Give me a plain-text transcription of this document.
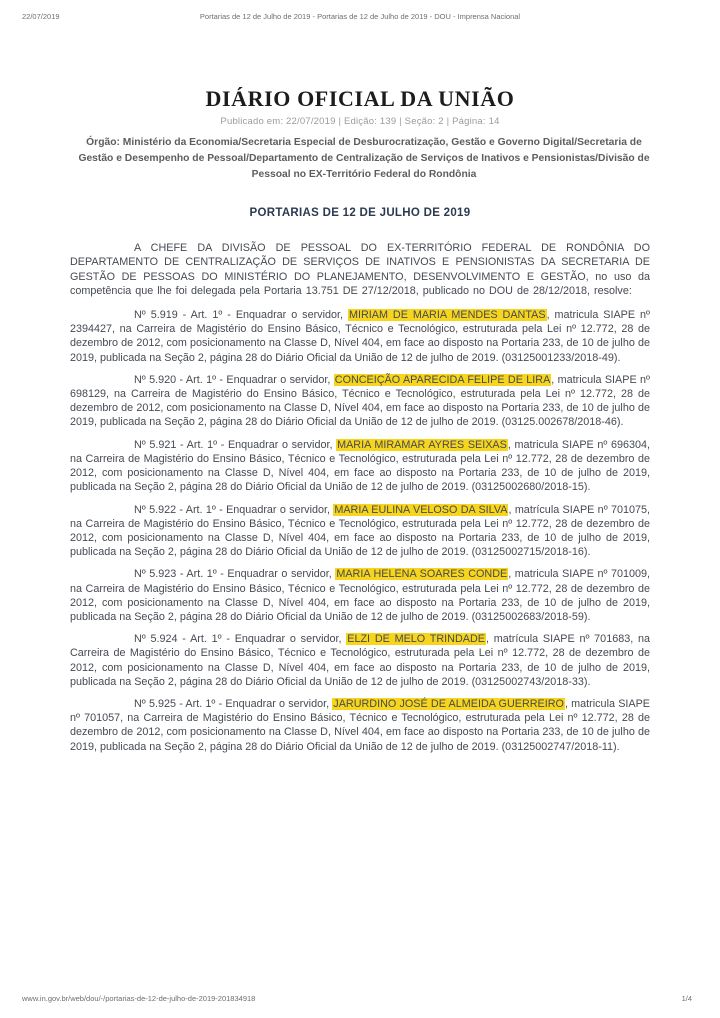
22/07/2019	Portarias de 12 de Julho de 2019 - Portarias de 12 de Julho de 2019 - DOU - Imprensa Nacional
DIÁRIO OFICIAL DA UNIÃO
Publicado em: 22/07/2019 | Edição: 139 | Seção: 2 | Página: 14
Órgão: Ministério da Economia/Secretaria Especial de Desburocratização, Gestão e Governo Digital/Secretaria de Gestão e Desempenho de Pessoal/Departamento de Centralização de Serviços de Inativos e Pensionistas/Divisão de Pessoal no EX-Território Federal do Rondônia
PORTARIAS DE 12 DE JULHO DE 2019

A CHEFE DA DIVISÃO DE PESSOAL DO EX-TERRITÓRIO FEDERAL DE RONDÔNIA DO DEPARTAMENTO DE CENTRALIZAÇÃO DE SERVIÇOS DE INATIVOS E PENSIONISTAS DA SECRETARIA DE GESTÃO DE PESSOAS DO MINISTÉRIO DO PLANEJAMENTO, DESENVOLVIMENTO E GESTÃO, no uso da competência que lhe foi delegada pela Portaria 13.751 DE 27/12/2018, publicado no DOU de 28/12/2018, resolve:

Nº 5.919 - Art. 1º - Enquadrar o servidor, MIRIAM DE MARIA MENDES DANTAS, matricula SIAPE nº 2394427, na Carreira de Magistério do Ensino Básico, Técnico e Tecnológico, estruturada pela Lei nº 12.772, 28 de dezembro de 2012, com posicionamento na Classe D, Nível 404, em face ao disposto na Portaria 233, de 10 de julho de 2019, publicada na Seção 2, página 28 do Diário Oficial da União de 12 de julho de 2019. (03125001233/2018-49).

Nº 5.920 - Art. 1º - Enquadrar o servidor, CONCEIÇÃO APARECIDA FELIPE DE LIRA, matricula SIAPE nº 698129, na Carreira de Magistério do Ensino Básico, Técnico e Tecnológico, estruturada pela Lei nº 12.772, 28 de dezembro de 2012, com posicionamento na Classe D, Nível 404, em face ao disposto na Portaria 233, de 10 de julho de 2019, publicada na Seção 2, página 28 do Diário Oficial da União de 12 de julho de 2019. (03125.002678/2018-46).

Nº 5.921 - Art. 1º - Enquadrar o servidor, MARIA MIRAMAR AYRES SEIXAS, matricula SIAPE nº 696304, na Carreira de Magistério do Ensino Básico, Técnico e Tecnológico, estruturada pela Lei nº 12.772, 28 de dezembro de 2012, com posicionamento na Classe D, Nível 404, em face ao disposto na Portaria 233, de 10 de julho de 2019, publicada na Seção 2, página 28 do Diário Oficial da União de 12 de julho de 2019. (03125002680/2018-15).

Nº 5.922 - Art. 1º - Enquadrar o servidor, MARIA EULINA VELOSO DA SILVA, matrícula SIAPE nº 701075, na Carreira de Magistério do Ensino Básico, Técnico e Tecnológico, estruturada pela Lei nº 12.772, 28 de dezembro de 2012, com posicionamento na Classe D, Nível 404, em face ao disposto na Portaria 233, de 10 de julho de 2019, publicada na Seção 2, página 28 do Diário Oficial da União de 12 de julho de 2019. (03125002715/2018-16).

Nº 5.923 - Art. 1º - Enquadrar o servidor, MARIA HELENA SOARES CONDE, matricula SIAPE nº 701009, na Carreira de Magistério do Ensino Básico, Técnico e Tecnológico, estruturada pela Lei nº 12.772, 28 de dezembro de 2012, com posicionamento na Classe D, Nível 404, em face ao disposto na Portaria 233, de 10 de julho de 2019, publicada na Seção 2, página 28 do Diário Oficial da União de 12 de julho de 2019. (03125002683/2018-59).

Nº 5.924 - Art. 1º - Enquadrar o servidor, ELZI DE MELO TRINDADE, matrícula SIAPE nº 701683, na Carreira de Magistério do Ensino Básico, Técnico e Tecnológico, estruturada pela Lei nº 12.772, 28 de dezembro de 2012, com posicionamento na Classe D, Nível 404, em face ao disposto na Portaria 233, de 10 de julho de 2019, publicada na Seção 2, página 28 do Diário Oficial da União de 12 de julho de 2019. (03125002743/2018-33).

Nº 5.925 - Art. 1º - Enquadrar o servidor, JARURDINO JOSÉ DE ALMEIDA GUERREIRO, matricula SIAPE nº 701057, na Carreira de Magistério do Ensino Básico, Técnico e Tecnológico, estruturada pela Lei nº 12.772, 28 de dezembro de 2012, com posicionamento na Classe D, Nível 404, em face ao disposto na Portaria 233, de 10 de julho de 2019, publicada na Seção 2, página 28 do Diário Oficial da União de 12 de julho de 2019. (03125002747/2018-11).

www.in.gov.br/web/dou/-/portarias-de-12-de-julho-de-2019-201834918	1/4
